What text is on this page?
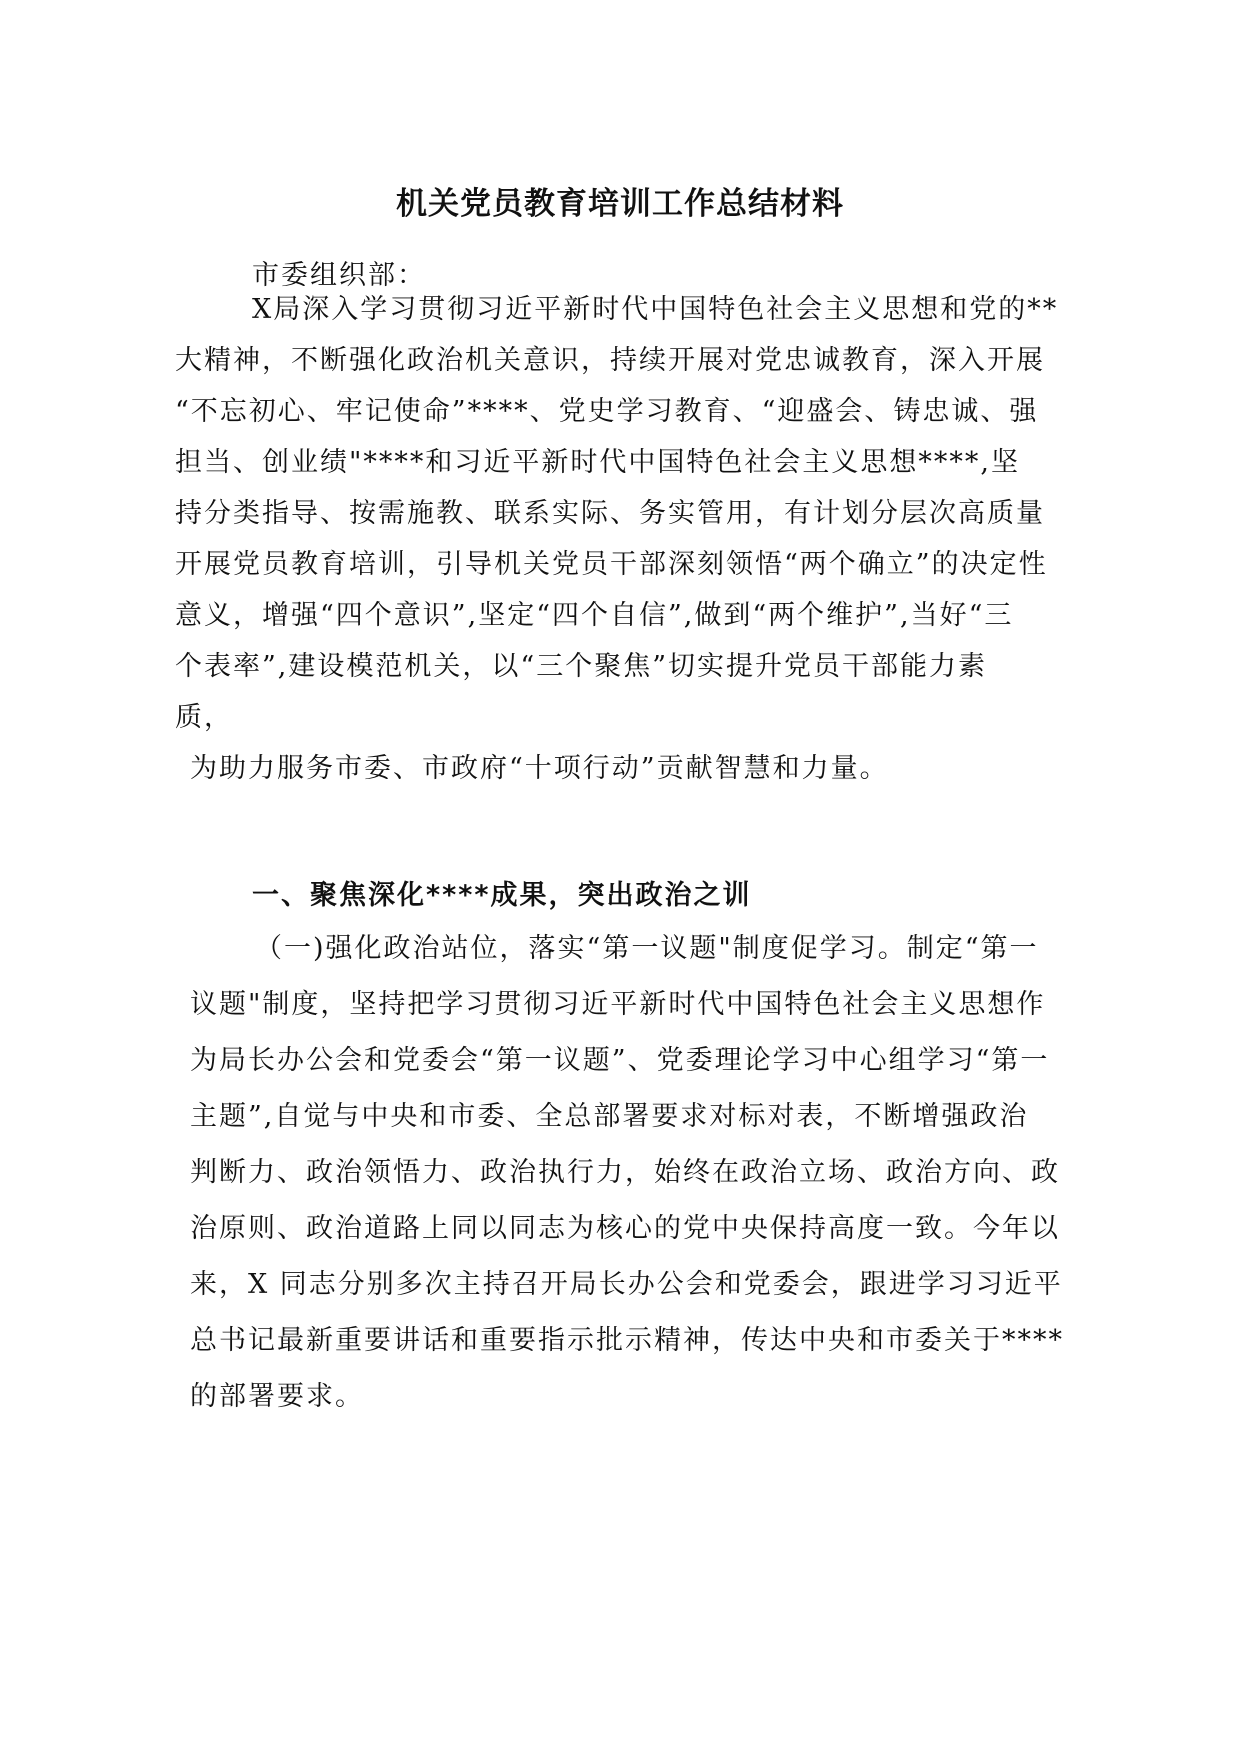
机关党员教育培训工作总结材料
市委组织部：
X局深入学习贯彻习近平新时代中国特色社会主义思想和党的**
大精神，不断强化政治机关意识，持续开展对党忠诚教育，深入开展
“不忘初心、牢记使命”****、党史学习教育、“迎盛会、铸忠诚、强
担当、创业绩"****和习近平新时代中国特色社会主义思想****,坚
持分类指导、按需施教、联系实际、务实管用，有计划分层次高质量
开展党员教育培训，引导机关党员干部深刻领悟“两个确立”的决定性
意义，增强“四个意识”,坚定“四个自信”,做到“两个维护”,当好“三
个表率”,建设模范机关，以“三个聚焦”切实提升党员干部能力素
质，
为助力服务市委、市政府“十项行动”贡献智慧和力量。
一、聚焦深化****成果，突出政治之训
（一)强化政治站位，落实“第一议题"制度促学习。制定“第一
议题"制度，坚持把学习贯彻习近平新时代中国特色社会主义思想作
为局长办公会和党委会“第一议题”、党委理论学习中心组学习“第一
主题”,自觉与中央和市委、全总部署要求对标对表，不断增强政治
判断力、政治领悟力、政治执行力，始终在政治立场、政治方向、政
治原则、政治道路上同以同志为核心的党中央保持高度一致。今年以
来，X 同志分别多次主持召开局长办公会和党委会，跟进学习习近平
总书记最新重要讲话和重要指示批示精神，传达中央和市委关于****
的部署要求。
